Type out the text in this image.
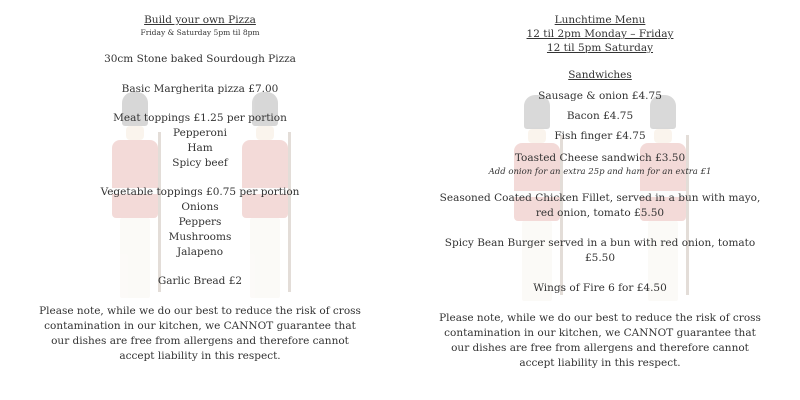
Build your own Pizza
Friday & Saturday 5pm til 8pm
30cm Stone baked Sourdough Pizza
Basic Margherita pizza £7.00
Meat toppings £1.25 per portion
Pepperoni
Ham
Spicy beef
Vegetable toppings £0.75 per portion
Onions
Peppers
Mushrooms
Jalapeno
Garlic Bread £2
Please note, while we do our best to reduce the risk of cross
contamination in our kitchen, we CANNOT guarantee that
our dishes are free from allergens and therefore cannot
accept liability in this respect.
Lunchtime Menu
12 til 2pm Monday – Friday
12 til 5pm Saturday
Sandwiches
Sausage & onion £4.75
Bacon £4.75
Fish finger £4.75
Toasted Cheese sandwich £3.50
Add onion for an extra 25p and ham for an extra £1
Seasoned Coated Chicken Fillet, served in a bun with mayo,
red onion, tomato £5.50
Spicy Bean Burger served in a bun with red onion, tomato
£5.50
Wings of Fire 6 for £4.50
Please note, while we do our best to reduce the risk of cross
contamination in our kitchen, we CANNOT guarantee that
our dishes are free from allergens and therefore cannot
accept liability in this respect.
